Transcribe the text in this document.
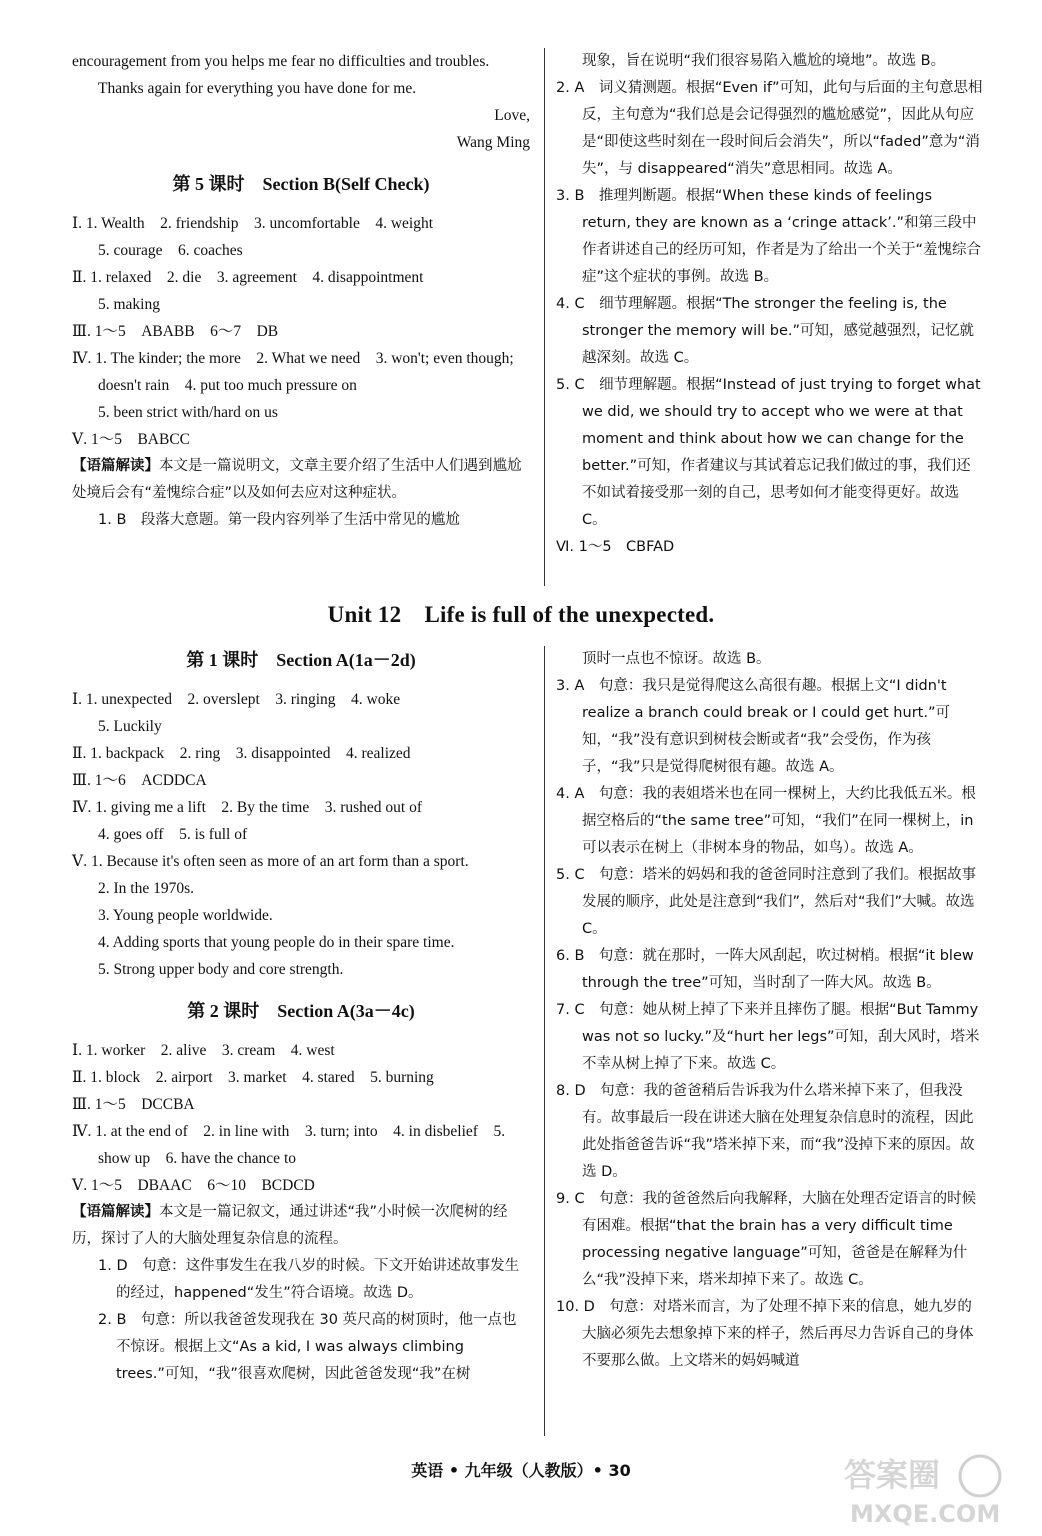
encouragement from you helps me fear no difficulties and troubles.

Thanks again for everything you have done for me.

Love,

Wang Ming

第 5 课时　Section B(Self Check)

Ⅰ. 1. Wealth　2. friendship　3. uncomfortable　4. weight

5. courage　6. coaches

Ⅱ. 1. relaxed　2. die　3. agreement　4. disappointment

5. making

Ⅲ. 1～5　ABABB　6～7　DB

Ⅳ. 1. The kinder; the more　2. What we need　3. won't; even though; doesn't rain　4. put too much pressure on

5. been strict with/hard on us

Ⅴ. 1～5　BABCC

【语篇解读】本文是一篇说明文，文章主要介绍了生活中人们遇到尴尬处境后会有“羞愧综合症”以及如何去应对这种症状。

1. B　段落大意题。第一段内容列举了生活中常见的尴尬

现象，旨在说明“我们很容易陷入尴尬的境地”。故选 B。

2. A　词义猜测题。根据“Even if”可知，此句与后面的主句意思相反，主句意为“我们总是会记得强烈的尴尬感觉”，因此从句应是“即使这些时刻在一段时间后会消失”，所以“faded”意为“消失”，与 disappeared“消失”意思相同。故选 A。

3. B　推理判断题。根据“When these kinds of feelings return, they are known as a ‘cringe attack’.”和第三段中作者讲述自己的经历可知，作者是为了给出一个关于“羞愧综合症”这个症状的事例。故选 B。

4. C　细节理解题。根据“The stronger the feeling is, the stronger the memory will be.”可知，感觉越强烈，记忆就越深刻。故选 C。

5. C　细节理解题。根据“Instead of just trying to forget what we did, we should try to accept who we were at that moment and think about how we can change for the better.”可知，作者建议与其试着忘记我们做过的事，我们还不如试着接受那一刻的自己，思考如何才能变得更好。故选 C。

Ⅵ. 1～5　CBFAD

Unit 12　Life is full of the unexpected.
第 1 课时　Section A(1a－2d)

Ⅰ. 1. unexpected　2. overslept　3. ringing　4. woke

5. Luckily

Ⅱ. 1. backpack　2. ring　3. disappointed　4. realized

Ⅲ. 1～6　ACDDCA

Ⅳ. 1. giving me a lift　2. By the time　3. rushed out of

4. goes off　5. is full of

Ⅴ. 1. Because it's often seen as more of an art form than a sport.

2. In the 1970s.

3. Young people worldwide.

4. Adding sports that young people do in their spare time.

5. Strong upper body and core strength.

第 2 课时　Section A(3a－4c)

Ⅰ. 1. worker　2. alive　3. cream　4. west

Ⅱ. 1. block　2. airport　3. market　4. stared　5. burning

Ⅲ. 1～5　DCCBA

Ⅳ. 1. at the end of　2. in line with　3. turn; into　4. in disbelief　5. show up　6. have the chance to

Ⅴ. 1～5　DBAAC　6～10　BCDCD

【语篇解读】本文是一篇记叙文，通过讲述“我”小时候一次爬树的经历，探讨了人的大脑处理复杂信息的流程。

1. D　句意：这件事发生在我八岁的时候。下文开始讲述故事发生的经过，happened“发生”符合语境。故选 D。

2. B　句意：所以我爸爸发现我在 30 英尺高的树顶时，他一点也不惊讶。根据上文“As a kid, I was always climbing trees.”可知，“我”很喜欢爬树，因此爸爸发现“我”在树

顶时一点也不惊讶。故选 B。

3. A　句意：我只是觉得爬这么高很有趣。根据上文“I didn't realize a branch could break or I could get hurt.”可知，“我”没有意识到树枝会断或者“我”会受伤，作为孩子，“我”只是觉得爬树很有趣。故选 A。

4. A　句意：我的表姐塔米也在同一棵树上，大约比我低五米。根据空格后的“the same tree”可知，“我们”在同一棵树上，in 可以表示在树上（非树本身的物品，如鸟）。故选 A。

5. C　句意：塔米的妈妈和我的爸爸同时注意到了我们。根据故事发展的顺序，此处是注意到“我们”，然后对“我们”大喊。故选 C。

6. B　句意：就在那时，一阵大风刮起，吹过树梢。根据“it blew through the tree”可知，当时刮了一阵大风。故选 B。

7. C　句意：她从树上掉了下来并且摔伤了腿。根据“But Tammy was not so lucky.”及“hurt her legs”可知，刮大风时，塔米不幸从树上掉了下来。故选 C。

8. D　句意：我的爸爸稍后告诉我为什么塔米掉下来了，但我没有。故事最后一段在讲述大脑在处理复杂信息时的流程，因此此处指爸爸告诉“我”塔米掉下来，而“我”没掉下来的原因。故选 D。

9. C　句意：我的爸爸然后向我解释，大脑在处理否定语言的时候有困难。根据“that the brain has a very difficult time processing negative language”可知，爸爸是在解释为什么“我”没掉下来，塔米却掉下来了。故选 C。

10. D　句意：对塔米而言，为了处理不掉下来的信息，她九岁的大脑必须先去想象掉下来的样子，然后再尽力告诉自己的身体不要那么做。上文塔米的妈妈喊道

英语 • 九年级（人教版）• 30	答案圈
MXQE.COM
